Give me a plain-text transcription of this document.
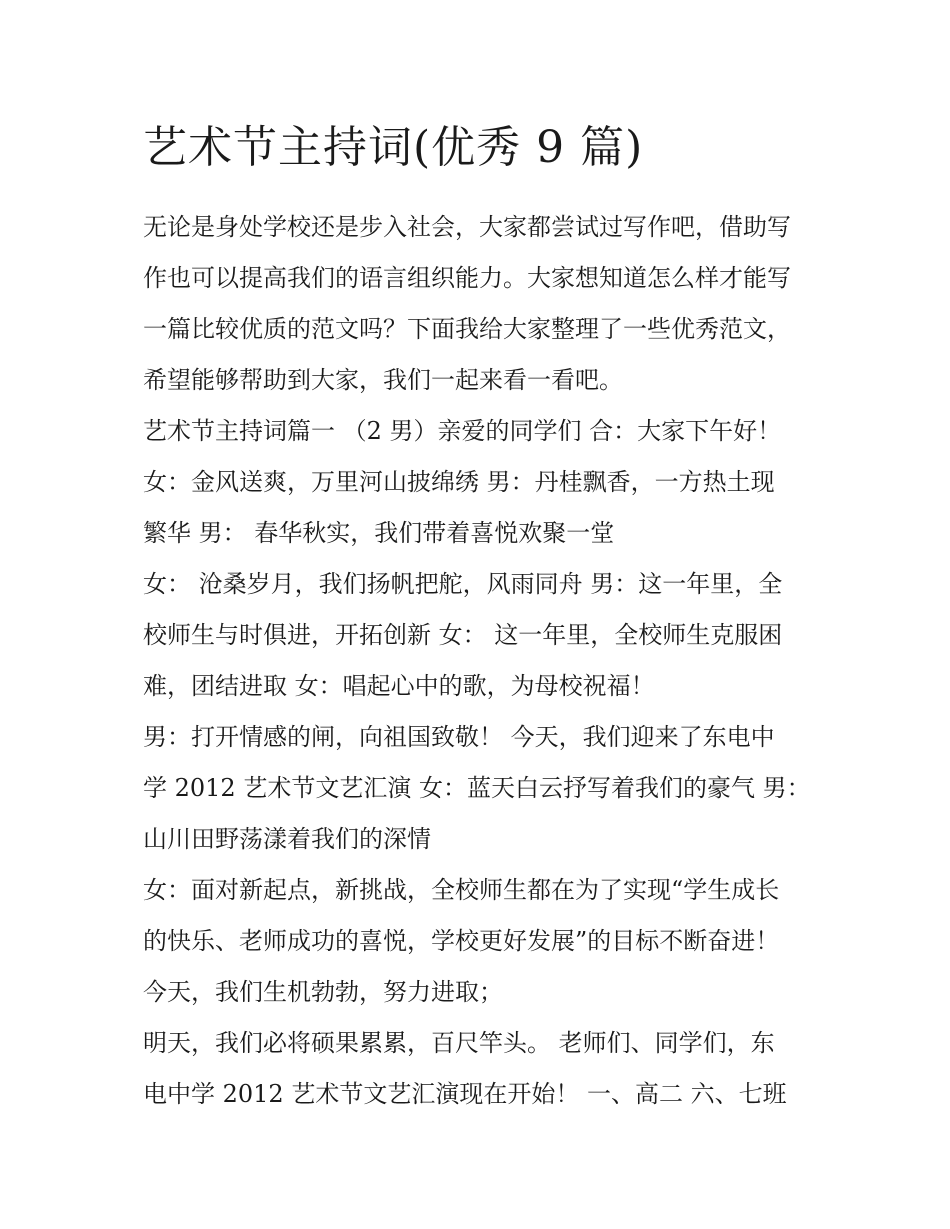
艺术节主持词(优秀 9 篇)

无论是身处学校还是步入社会，大家都尝试过写作吧，借助写

作也可以提高我们的语言组织能力。大家想知道怎么样才能写

一篇比较优质的范文吗？下面我给大家整理了一些优秀范文，

希望能够帮助到大家，我们一起来看一看吧。

艺术节主持词篇一 （2 男）亲爱的同学们 合：大家下午好！

女：金风送爽，万里河山披绵绣 男：丹桂飘香，一方热土现

繁华 男： 春华秋实，我们带着喜悦欢聚一堂

女： 沧桑岁月，我们扬帆把舵，风雨同舟 男：这一年里，全

校师生与时俱进，开拓创新 女： 这一年里，全校师生克服困

难，团结进取 女：唱起心中的歌，为母校祝福！

男：打开情感的闸，向祖国致敬！ 今天，我们迎来了东电中

学 2012 艺术节文艺汇演 女：蓝天白云抒写着我们的豪气 男：

山川田野荡漾着我们的深情

女：面对新起点，新挑战，全校师生都在为了实现“学生成长

的快乐、老师成功的喜悦，学校更好发展”的目标不断奋进！

今天，我们生机勃勃，努力进取；

明天，我们必将硕果累累，百尺竿头。 老师们、同学们，东

电中学 2012 艺术节文艺汇演现在开始！ 一、高二 六、七班
